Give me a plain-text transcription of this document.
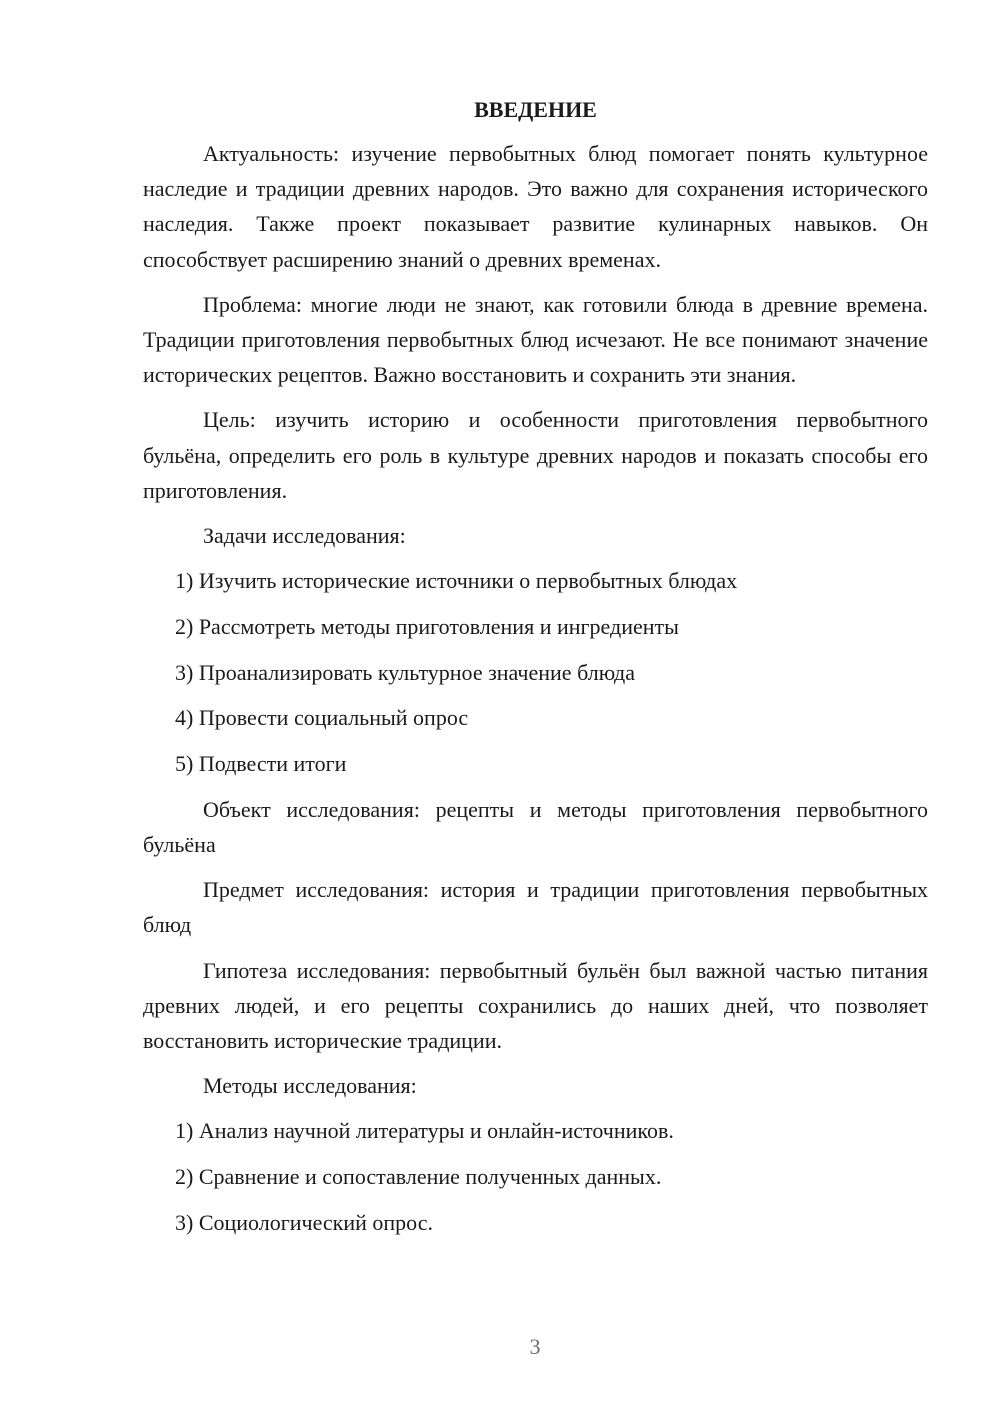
ВВЕДЕНИЕ
Актуальность: изучение первобытных блюд помогает понять культурное наследие и традиции древних народов. Это важно для сохранения исторического наследия. Также проект показывает развитие кулинарных навыков. Он способствует расширению знаний о древних временах.
Проблема: многие люди не знают, как готовили блюда в древние времена. Традиции приготовления первобытных блюд исчезают. Не все понимают значение исторических рецептов. Важно восстановить и сохранить эти знания.
Цель: изучить историю и особенности приготовления первобытного бульёна, определить его роль в культуре древних народов и показать способы его приготовления.
Задачи исследования:
1) Изучить исторические источники о первобытных блюдах
2) Рассмотреть методы приготовления и ингредиенты
3) Проанализировать культурное значение блюда
4) Провести социальный опрос
5) Подвести итоги
Объект исследования: рецепты и методы приготовления первобытного бульёна
Предмет исследования: история и традиции приготовления первобытных блюд
Гипотеза исследования: первобытный бульён был важной частью питания древних людей, и его рецепты сохранились до наших дней, что позволяет восстановить исторические традиции.
Методы исследования:
1) Анализ научной литературы и онлайн-источников.
2) Сравнение и сопоставление полученных данных.
3) Социологический опрос.
3
